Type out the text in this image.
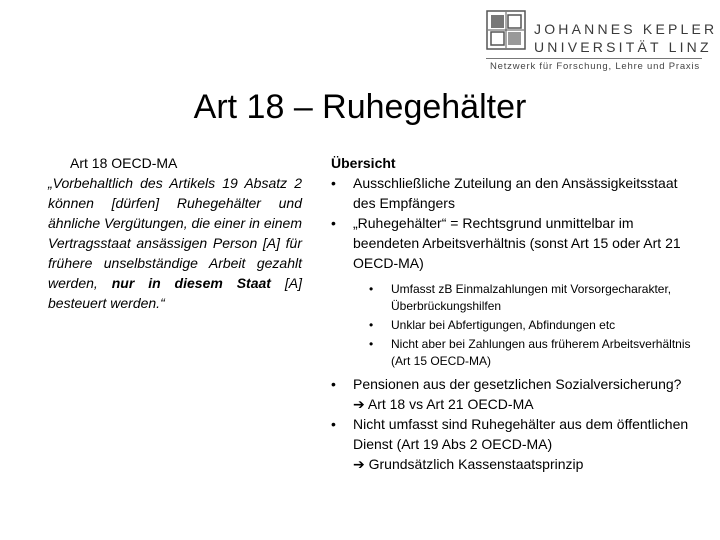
JOHANNES KEPLER
UNIVERSITÄT LINZ
Netzwerk für Forschung, Lehre und Praxis
Art 18 – Ruhegehälter
Art 18 OECD-MA
„Vorbehaltlich des Artikels 19 Absatz 2 können [dürfen] Ruhegehälter und ähnliche Vergütungen, die einer in einem Vertragsstaat ansässigen Person [A] für frühere unselbständige Arbeit gezahlt werden, nur in diesem Staat [A] besteuert werden.“
Übersicht
• Ausschließliche Zuteilung an den Ansässigkeitsstaat des Empfängers
• „Ruhegehälter“ = Rechtsgrund unmittelbar im beendeten Arbeitsverhältnis (sonst Art 15 oder Art 21 OECD-MA)
• Umfasst zB Einmalzahlungen mit Vorsorgecharakter, Überbrückungshilfen
• Unklar bei Abfertigungen, Abfindungen etc
• Nicht aber bei Zahlungen aus früherem Arbeitsverhältnis (Art 15 OECD-MA)
• Pensionen aus der gesetzlichen Sozialversicherung? ➔ Art 18 vs Art 21 OECD-MA
• Nicht umfasst sind Ruhegehälter aus dem öffentlichen Dienst (Art 19 Abs 2 OECD-MA)
➔ Grundsätzlich Kassenstaatsprinzip
